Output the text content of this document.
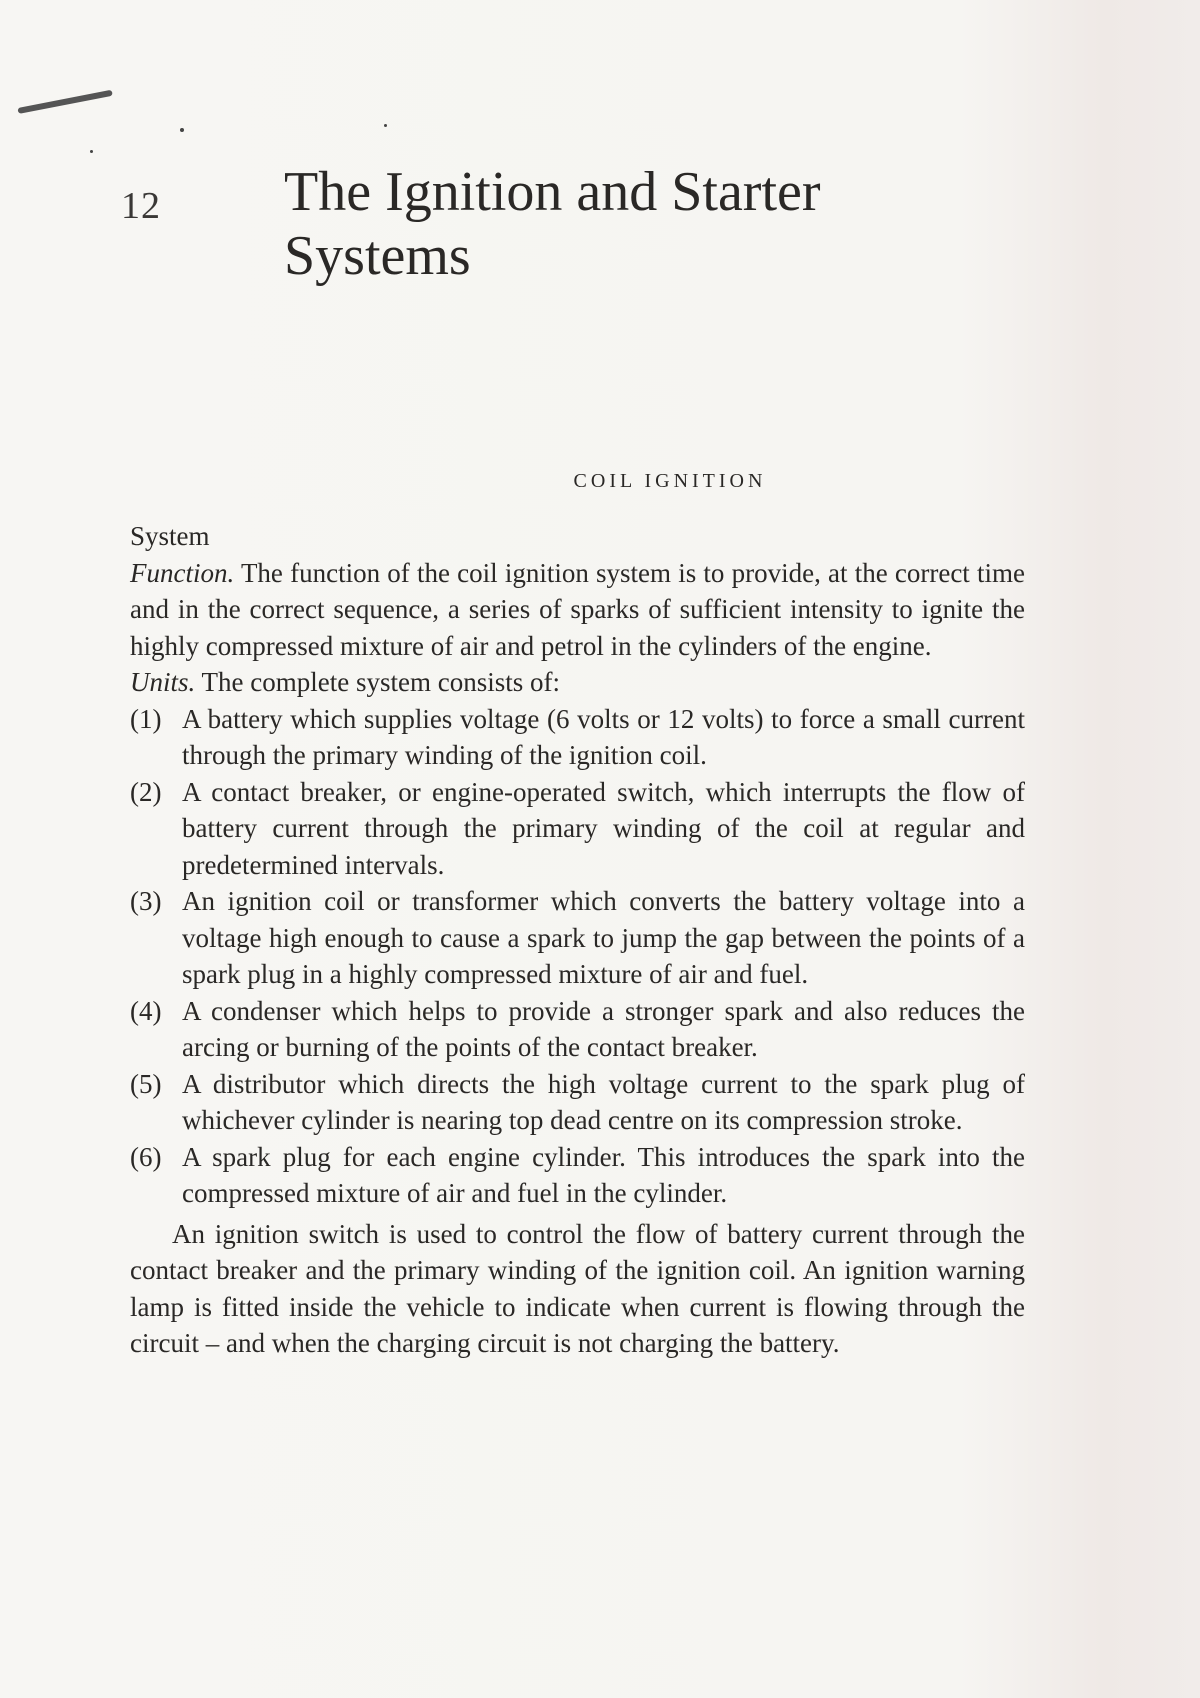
12 The Ignition and Starter Systems
COIL IGNITION
System

Function. The function of the coil ignition system is to provide, at the correct time and in the correct sequence, a series of sparks of sufficient intensity to ignite the highly compressed mixture of air and petrol in the cylinders of the engine.

Units. The complete system consists of:

(1) A battery which supplies voltage (6 volts or 12 volts) to force a small current through the primary winding of the ignition coil.
(2) A contact breaker, or engine-operated switch, which interrupts the flow of battery current through the primary winding of the coil at regular and predetermined intervals.
(3) An ignition coil or transformer which converts the battery voltage into a voltage high enough to cause a spark to jump the gap between the points of a spark plug in a highly compressed mixture of air and fuel.
(4) A condenser which helps to provide a stronger spark and also reduces the arcing or burning of the points of the contact breaker.
(5) A distributor which directs the high voltage current to the spark plug of whichever cylinder is nearing top dead centre on its compression stroke.
(6) A spark plug for each engine cylinder. This introduces the spark into the compressed mixture of air and fuel in the cylinder.

An ignition switch is used to control the flow of battery current through the contact breaker and the primary winding of the ignition coil. An ignition warning lamp is fitted inside the vehicle to indicate when current is flowing through the circuit – and when the charging circuit is not charging the battery.
